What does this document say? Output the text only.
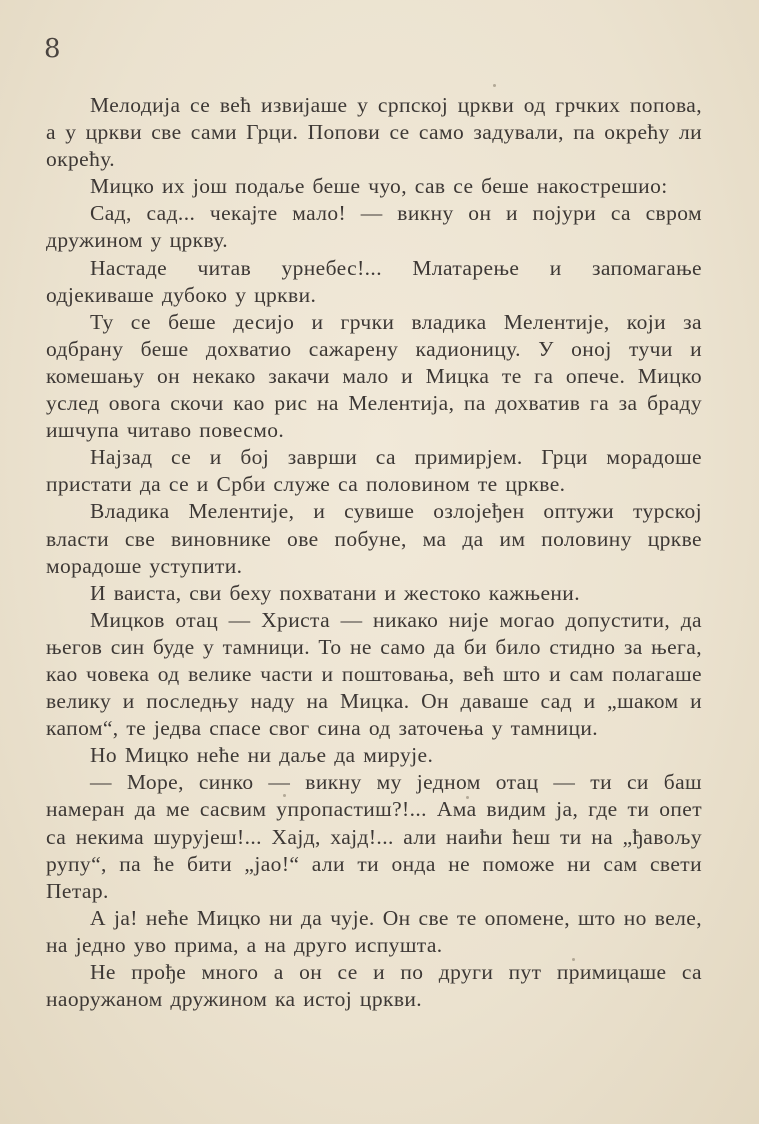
8

Мелодија се већ извијаше у српској цркви од грчких попова, а у цркви све сами Грци. Попови се само задували, па окрећу ли окрећу.

Мицко их још подаље беше чуо, сав се беше накострешио:

Сад, сад... чекајте мало! — викну он и појури са свром дружином у цркву.

Настаде читав урнебес!... Млатарење и запомагање одјекиваше дубоко у цркви.

Ту се беше десијо и грчки владика Мелентије, који за одбрану беше дохватио сажарену кадионицу. У оној тучи и комешању он некако закачи мало и Мицка те га опече. Мицко услед овога скочи као рис на Мелентија, па дохватив га за браду ишчупа читаво повесмо.

Најзад се и бој заврши са примирјем. Грци морадоше пристати да се и Срби служе са половином те цркве.

Владика Мелентије, и сувише озлојеђен оптужи турској власти све виновнике ове побуне, ма да им половину цркве морадоше уступити.

И ваиста, сви беху похватани и жестоко кажњени.

Мицков отац — Христа — никако није могао допустити, да његов син буде у тамници. То не само да би било стидно за њега, као човека од велике части и поштовања, већ што и сам полагаше велику и последњу наду на Мицка. Он даваше сад и „шаком и капом“, те једва спасе свог сина од заточења у тамници.

Но Мицко неће ни даље да мирује.

— Море, синко — викну му једном отац — ти си баш намеран да ме сасвим упропастиш?!... Ама видим ја, где ти опет са некима шурујеш!... Хајд, хајд!... али наићи ћеш ти на „ђавољу рупу“, па ће бити „јао!“ али ти онда не поможе ни сам свети Петар.

А ја! неће Мицко ни да чује. Он све те опомене, што но веле, на једно уво прима, а на друго испушта.

Не прође много а он се и по други пут примицаше са наоружаном дружином ка истој цркви.
